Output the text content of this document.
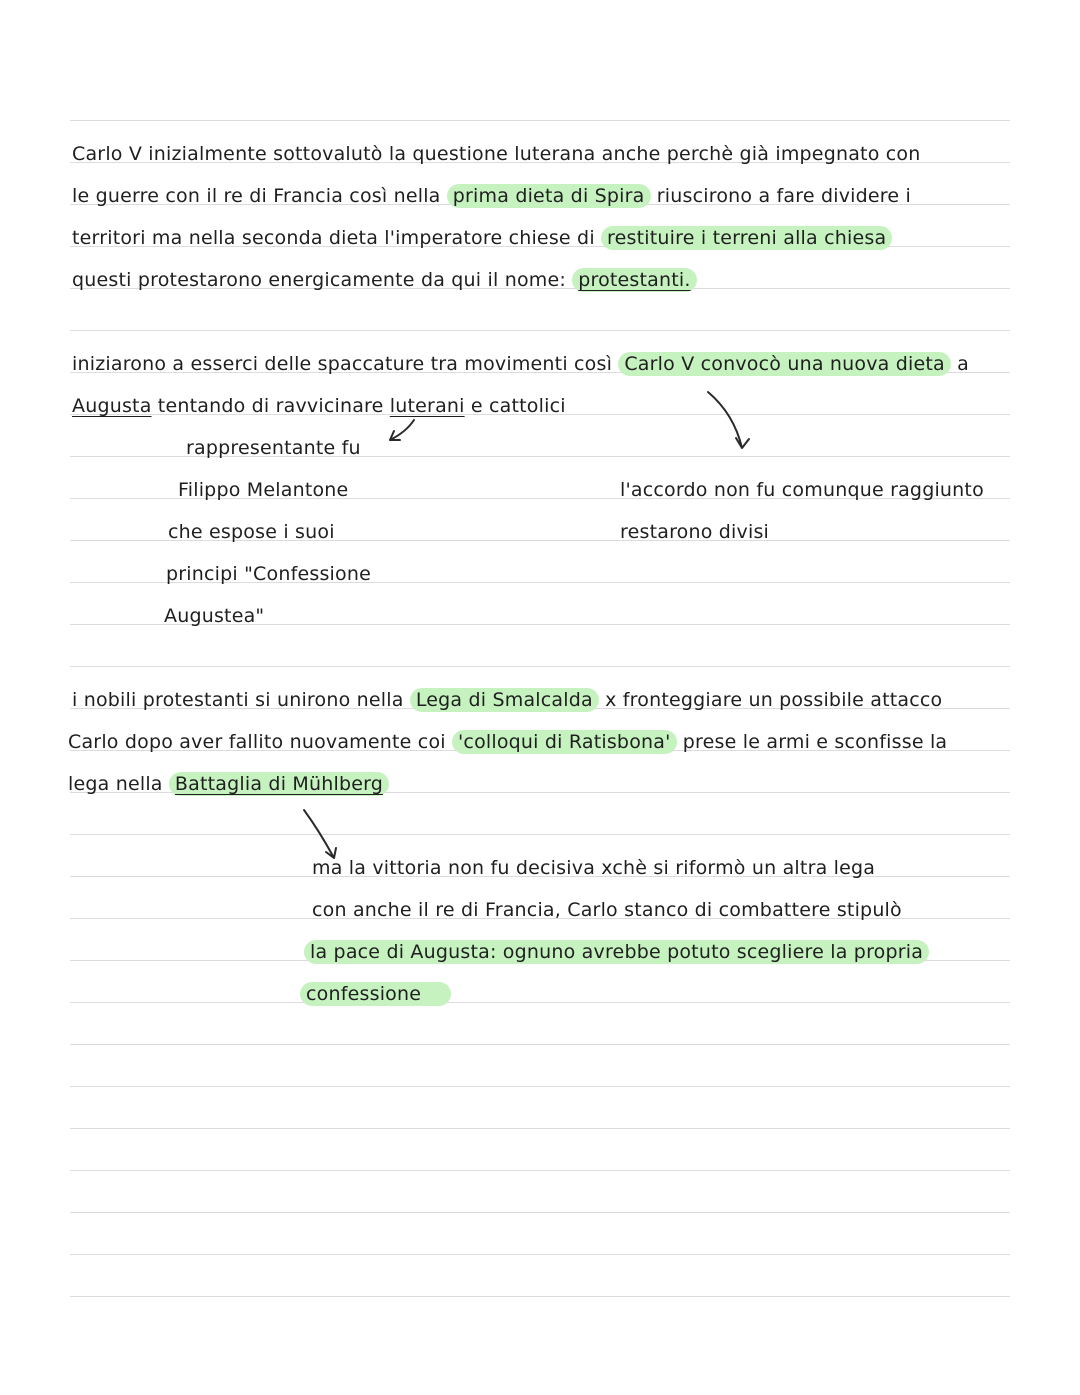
Carlo V inizialmente sottovalutò la questione luterana anche perchè già impegnato con
le guerre con il re di Francia così nella prima dieta di Spira riuscirono a fare dividere i
territori ma nella seconda dieta l'imperatore chiese di restituire i terreni alla chiesa
questi protestarono energicamente da qui il nome: protestanti.
iniziarono a esserci delle spaccature tra movimenti così Carlo V convocò una nuova dieta a
Augusta tentando di ravvicinare luterani e cattolici
rappresentante fu
Filippo Melantone
che espose i suoi
principi "Confessione
Augustea"
l'accordo non fu comunque raggiunto
restarono divisi
i nobili protestanti si unirono nella Lega di Smalcalda x fronteggiare un possibile attacco
Carlo dopo aver fallito nuovamente coi 'colloqui di Ratisbona' prese le armi e sconfisse la
lega nella Battaglia di Mühlberg
ma la vittoria non fu decisiva xchè si riformò un altra lega
con anche il re di Francia, Carlo stanco di combattere stipulò
la pace di Augusta: ognuno avrebbe potuto scegliere la propria
confessione
